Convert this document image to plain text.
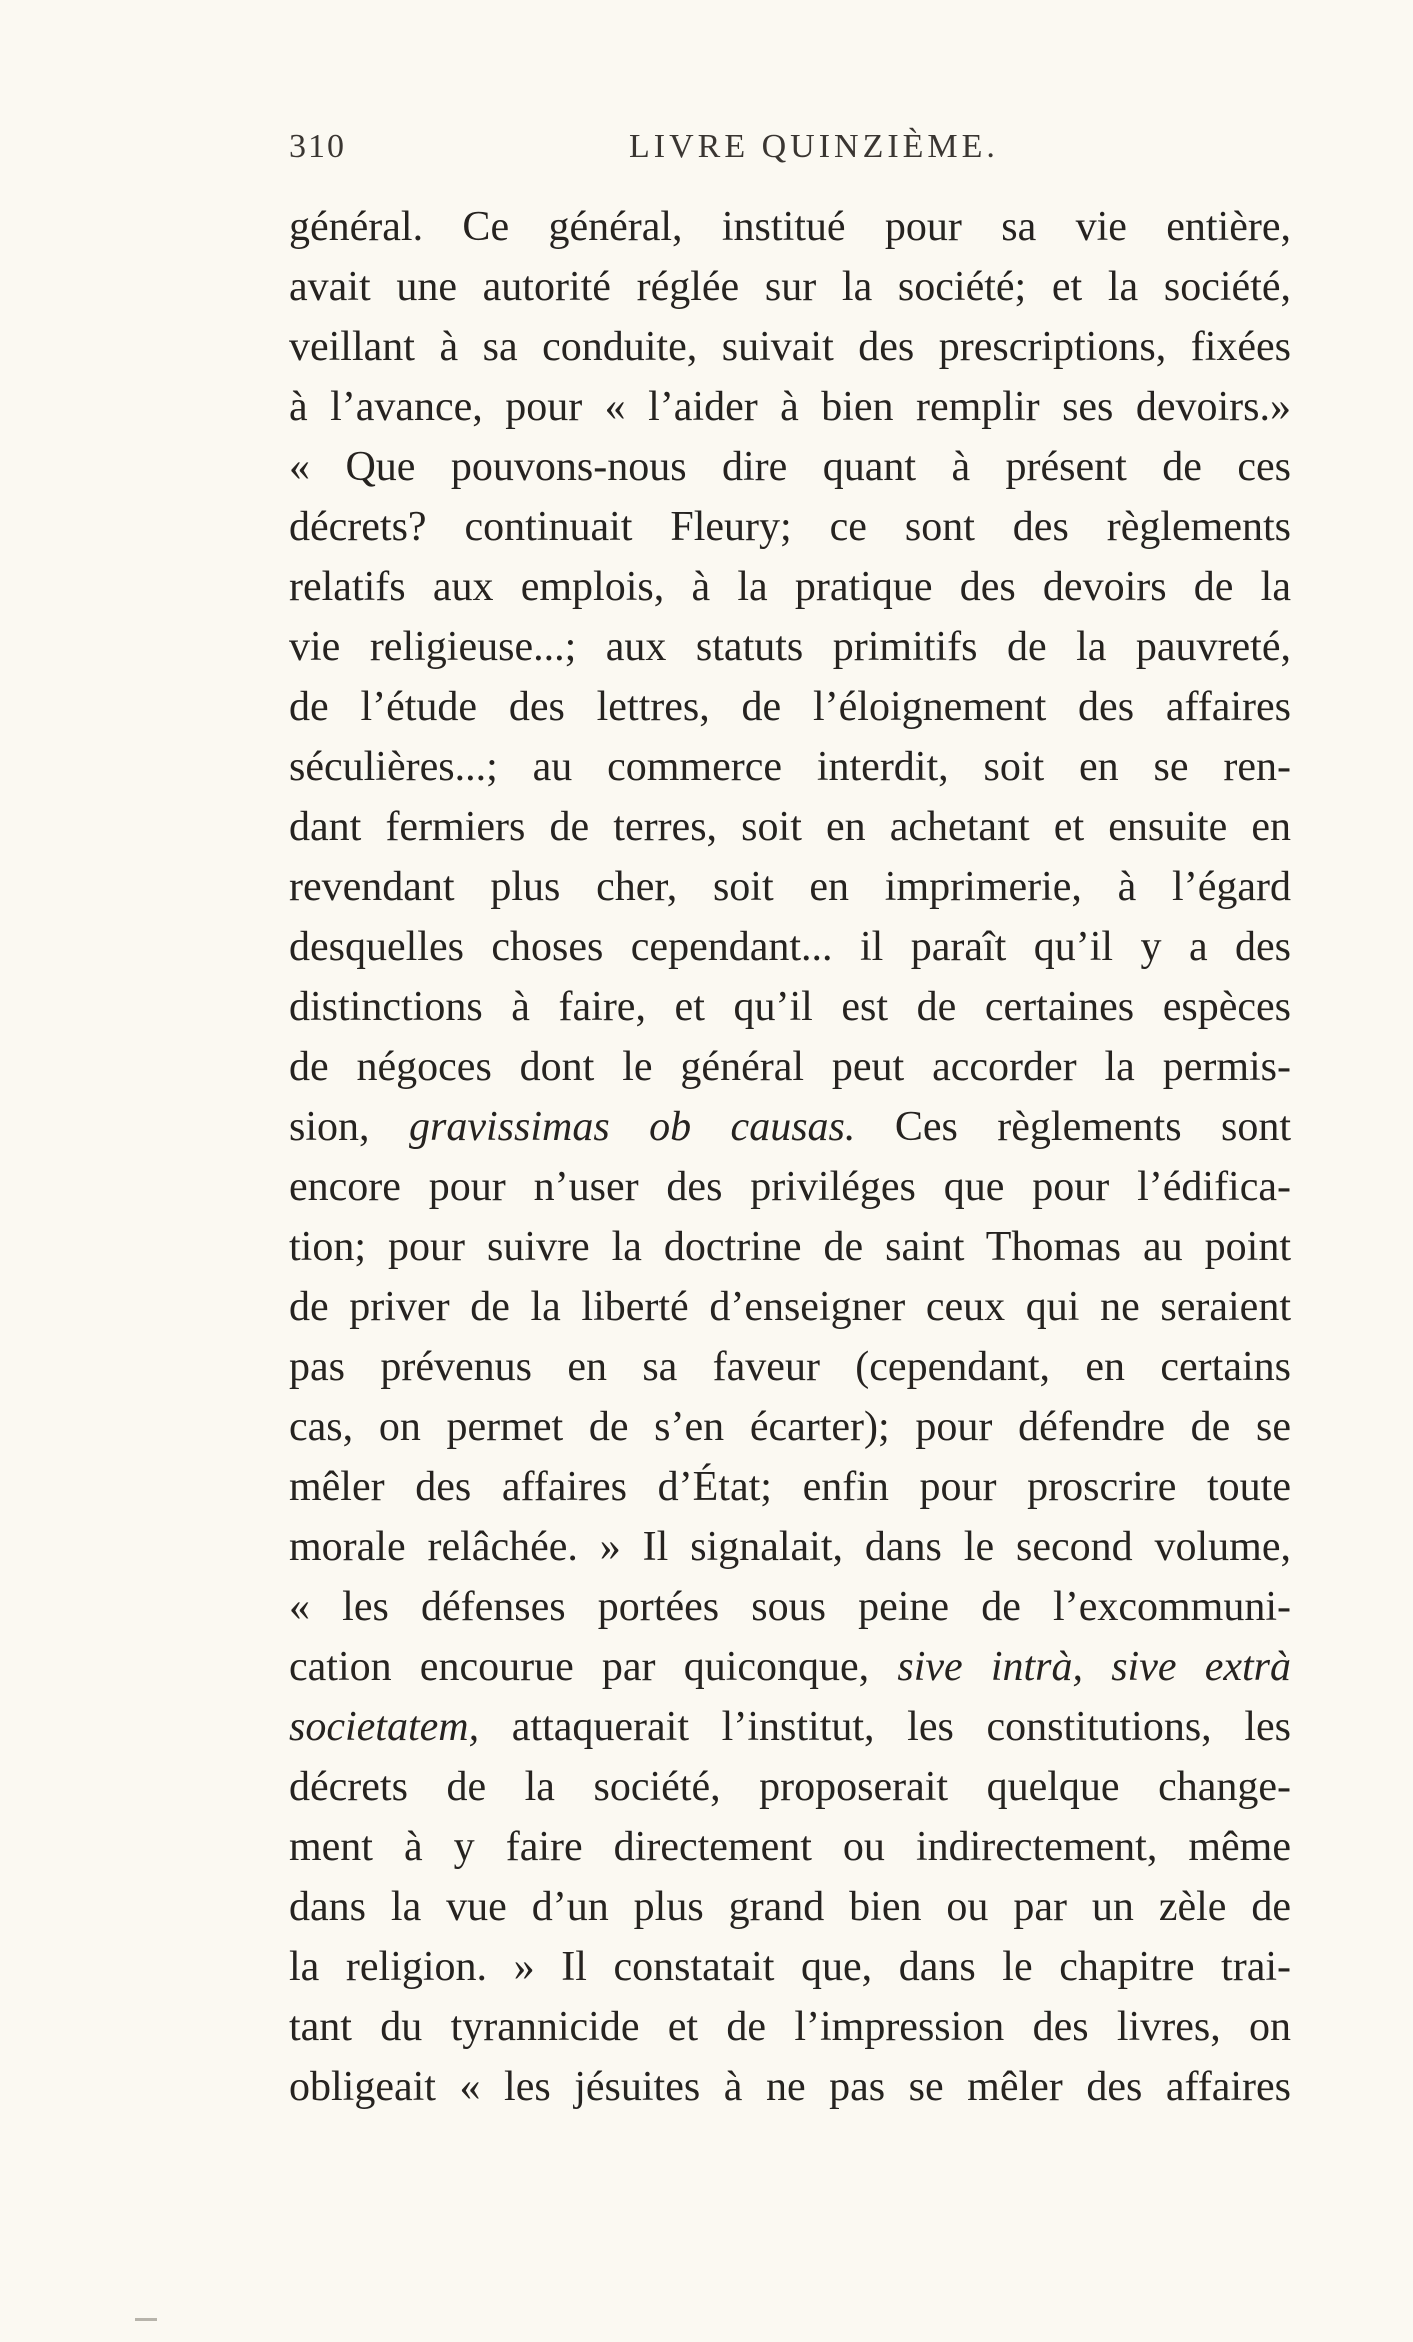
310	LIVRE QUINZIÈME.
général. Ce général, institué pour sa vie entière,
avait une autorité réglée sur la société; et la société,
veillant à sa conduite, suivait des prescriptions, fixées
à l’avance, pour « l’aider à bien remplir ses devoirs.»
« Que pouvons-nous dire quant à présent de ces
décrets? continuait Fleury; ce sont des règlements
relatifs aux emplois, à la pratique des devoirs de la
vie religieuse...; aux statuts primitifs de la pauvreté,
de l’étude des lettres, de l’éloignement des affaires
séculières...; au commerce interdit, soit en se ren-
dant fermiers de terres, soit en achetant et ensuite en
revendant plus cher, soit en imprimerie, à l’égard
desquelles choses cependant... il paraît qu’il y a des
distinctions à faire, et qu’il est de certaines espèces
de négoces dont le général peut accorder la permis-
sion, gravissimas ob causas. Ces règlements sont
encore pour n’user des priviléges que pour l’édifica-
tion; pour suivre la doctrine de saint Thomas au point
de priver de la liberté d’enseigner ceux qui ne seraient
pas prévenus en sa faveur (cependant, en certains
cas, on permet de s’en écarter); pour défendre de se
mêler des affaires d’État; enfin pour proscrire toute
morale relâchée. » Il signalait, dans le second volume,
« les défenses portées sous peine de l’excommuni-
cation encourue par quiconque, sive intrà, sive extrà
societatem, attaquerait l’institut, les constitutions, les
décrets de la société, proposerait quelque change-
ment à y faire directement ou indirectement, même
dans la vue d’un plus grand bien ou par un zèle de
la religion. » Il constatait que, dans le chapitre trai-
tant du tyrannicide et de l’impression des livres, on
obligeait « les jésuites à ne pas se mêler des affaires
